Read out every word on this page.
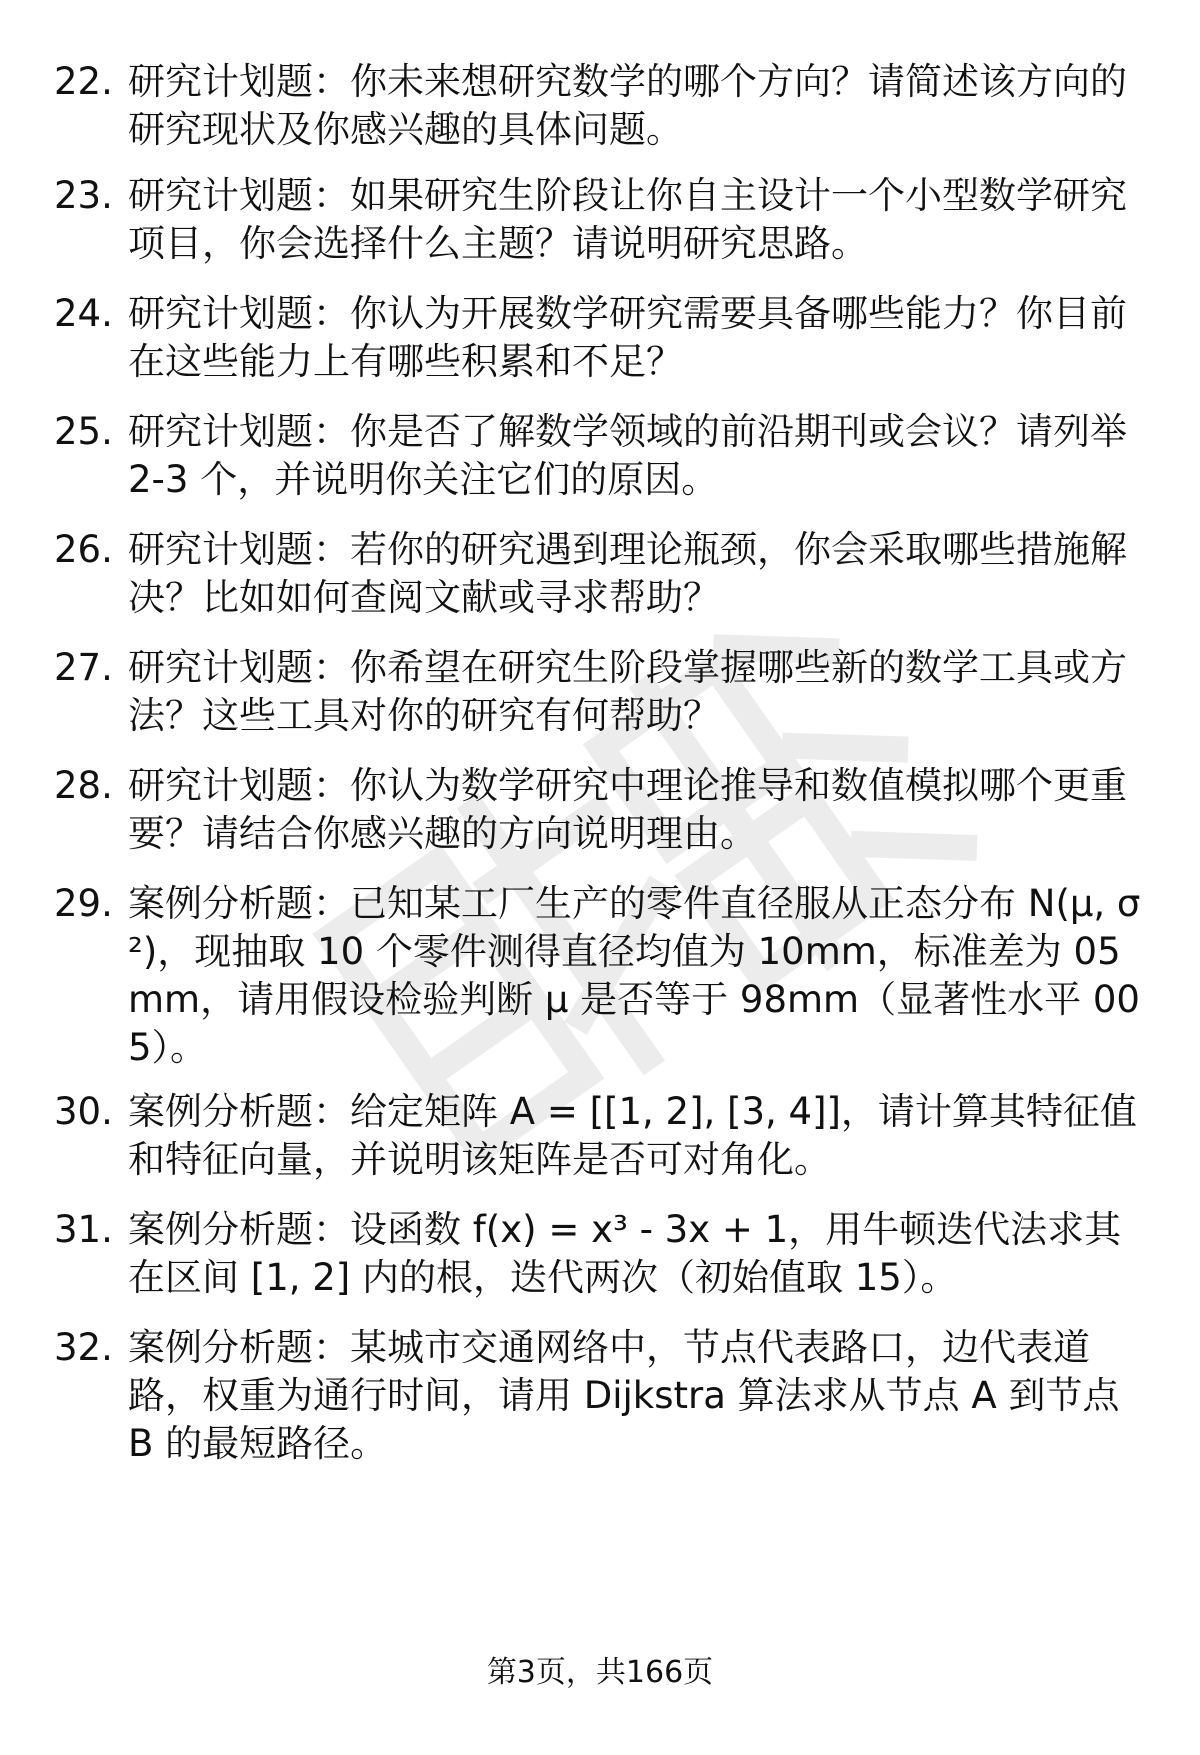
22. 研究计划题：你未来想研究数学的哪个方向？请简述该方向的研究现状及你感兴趣的具体问题。
23. 研究计划题：如果研究生阶段让你自主设计一个小型数学研究项目，你会选择什么主题？请说明研究思路。
24. 研究计划题：你认为开展数学研究需要具备哪些能力？你目前在这些能力上有哪些积累和不足？
25. 研究计划题：你是否了解数学领域的前沿期刊或会议？请列举 2-3 个，并说明你关注它们的原因。
26. 研究计划题：若你的研究遇到理论瓶颈，你会采取哪些措施解决？比如如何查阅文献或寻求帮助？
27. 研究计划题：你希望在研究生阶段掌握哪些新的数学工具或方法？这些工具对你的研究有何帮助？
28. 研究计划题：你认为数学研究中理论推导和数值模拟哪个更重要？请结合你感兴趣的方向说明理由。
29. 案例分析题：已知某工厂生产的零件直径服从正态分布 N(μ, σ²)，现抽取 10 个零件测得直径均值为 10mm，标准差为 05mm，请用假设检验判断 μ 是否等于 98mm（显著性水平 005）。
30. 案例分析题：给定矩阵 A = [[1, 2], [3, 4]]，请计算其特征值和特征向量，并说明该矩阵是否可对角化。
31. 案例分析题：设函数 f(x) = x³ - 3x + 1，用牛顿迭代法求其在区间 [1, 2] 内的根，迭代两次（初始值取 15）。
32. 案例分析题：某城市交通网络中，节点代表路口，边代表道路，权重为通行时间，请用 Dijkstra 算法求从节点 A 到节点 B 的最短路径。
第3页，共166页
